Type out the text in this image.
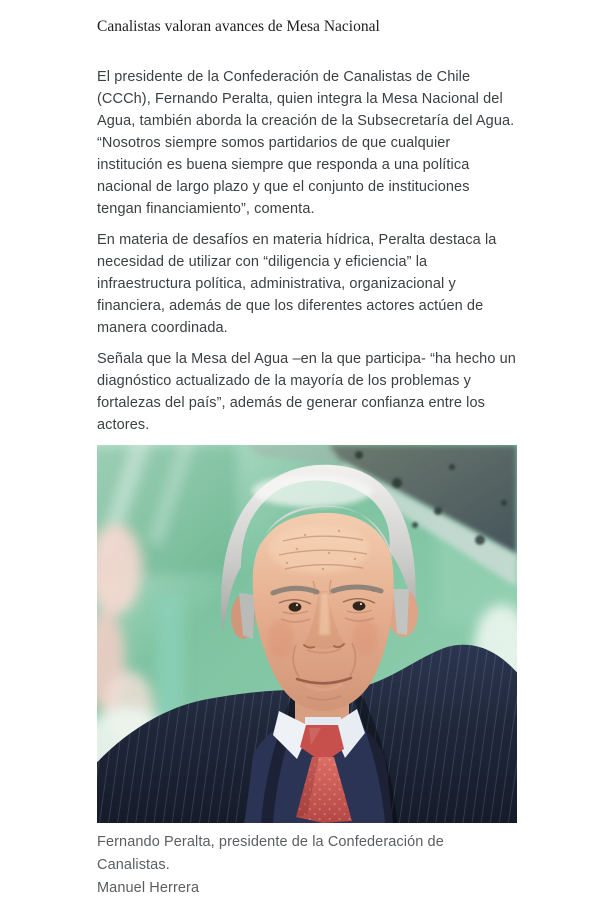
Canalistas valoran avances de Mesa Nacional

El presidente de la Confederación de Canalistas de Chile (CCCh), Fernando Peralta, quien integra la Mesa Nacional del Agua, también aborda la creación de la Subsecretaría del Agua. “Nosotros siempre somos partidarios de que cualquier institución es buena siempre que responda a una política nacional de largo plazo y que el conjunto de instituciones tengan financiamiento”, comenta.

En materia de desafíos en materia hídrica, Peralta destaca la necesidad de utilizar con “diligencia y eficiencia” la infraestructura política, administrativa, organizacional y financiera, además de que los diferentes actores actúen de manera coordinada.

Señala que la Mesa del Agua –en la que participa- “ha hecho un diagnóstico actualizado de la mayoría de los problemas y fortalezas del país”, además de generar confianza entre los actores.

Fernando Peralta, presidente de la Confederación de Canalistas.
Manuel Herrera
